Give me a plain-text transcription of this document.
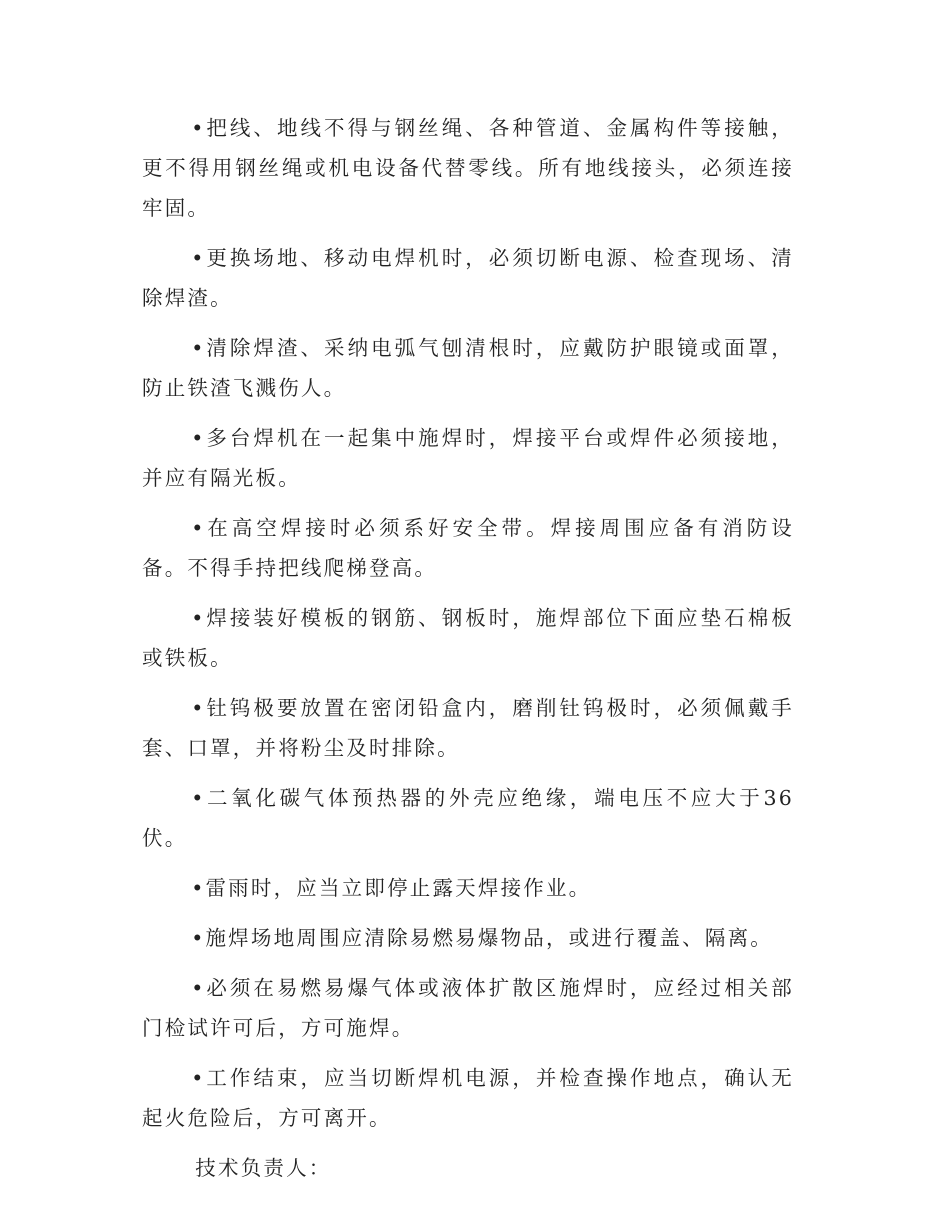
•把线、地线不得与钢丝绳、各种管道、金属构件等接触，更不得用钢丝绳或机电设备代替零线。所有地线接头，必须连接牢固。

•更换场地、移动电焊机时，必须切断电源、检查现场、清除焊渣。

•清除焊渣、采纳电弧气刨清根时，应戴防护眼镜或面罩，防止铁渣飞溅伤人。

•多台焊机在一起集中施焊时，焊接平台或焊件必须接地，并应有隔光板。

•在高空焊接时必须系好安全带。焊接周围应备有消防设备。不得手持把线爬梯登高。

•焊接装好模板的钢筋、钢板时，施焊部位下面应垫石棉板或铁板。

•钍钨极要放置在密闭铅盒内，磨削钍钨极时，必须佩戴手套、口罩，并将粉尘及时排除。

•二氧化碳气体预热器的外壳应绝缘，端电压不应大于36伏。

•雷雨时，应当立即停止露天焊接作业。

•施焊场地周围应清除易燃易爆物品，或进行覆盖、隔离。

•必须在易燃易爆气体或液体扩散区施焊时，应经过相关部门检试许可后，方可施焊。

•工作结束，应当切断焊机电源，并检查操作地点，确认无起火危险后，方可离开。

技术负责人：
